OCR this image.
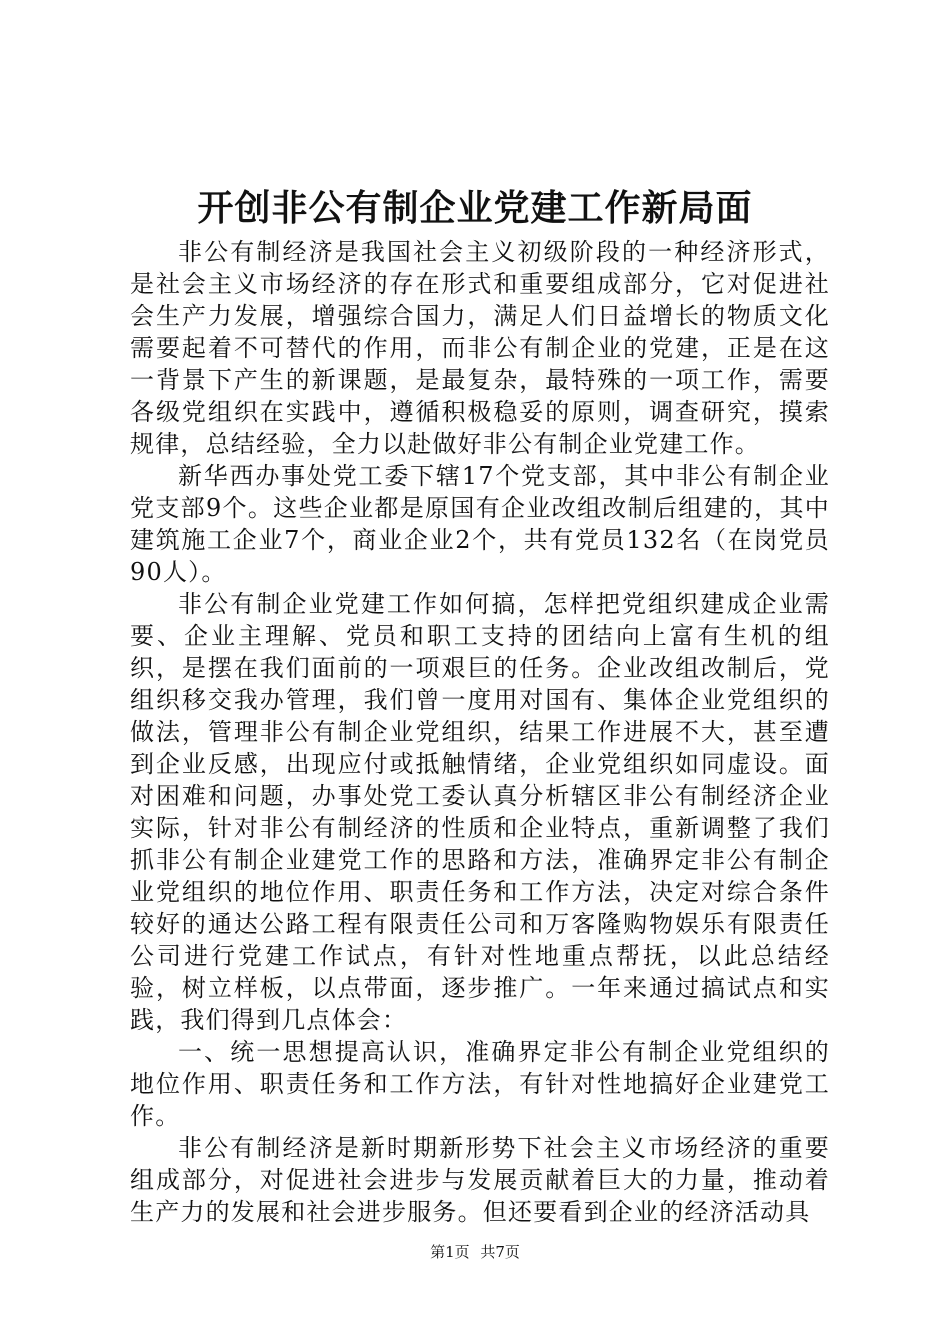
开创非公有制企业党建工作新局面

非公有制经济是我国社会主义初级阶段的一种经济形式，是社会主义市场经济的存在形式和重要组成部分，它对促进社会生产力发展，增强综合国力，满足人们日益增长的物质文化需要起着不可替代的作用，而非公有制企业的党建，正是在这一背景下产生的新课题，是最复杂，最特殊的一项工作，需要各级党组织在实践中，遵循积极稳妥的原则，调查研究，摸索规律，总结经验，全力以赴做好非公有制企业党建工作。

新华西办事处党工委下辖17个党支部，其中非公有制企业党支部9个。这些企业都是原国有企业改组改制后组建的，其中建筑施工企业7个，商业企业2个，共有党员132名（在岗党员90人）。

非公有制企业党建工作如何搞，怎样把党组织建成企业需要、企业主理解、党员和职工支持的团结向上富有生机的组织，是摆在我们面前的一项艰巨的任务。企业改组改制后，党组织移交我办管理，我们曾一度用对国有、集体企业党组织的做法，管理非公有制企业党组织，结果工作进展不大，甚至遭到企业反感，出现应付或抵触情绪，企业党组织如同虚设。面对困难和问题，办事处党工委认真分析辖区非公有制经济企业实际，针对非公有制经济的性质和企业特点，重新调整了我们抓非公有制企业建党工作的思路和方法，准确界定非公有制企业党组织的地位作用、职责任务和工作方法，决定对综合条件较好的通达公路工程有限责任公司和万客隆购物娱乐有限责任公司进行党建工作试点，有针对性地重点帮抚，以此总结经验，树立样板，以点带面，逐步推广。一年来通过搞试点和实践，我们得到几点体会：

一、统一思想提高认识，准确界定非公有制企业党组织的地位作用、职责任务和工作方法，有针对性地搞好企业建党工作。

非公有制经济是新时期新形势下社会主义市场经济的重要组成部分，对促进社会进步与发展贡献着巨大的力量，推动着生产力的发展和社会进步服务。但还要看到企业的经济活动具

第1页 共7页
